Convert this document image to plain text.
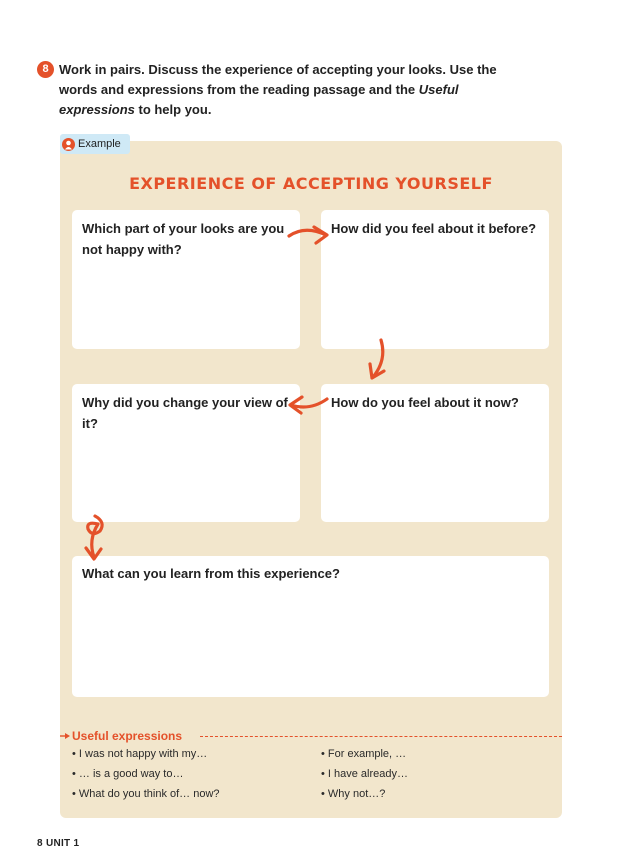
8 Work in pairs. Discuss the experience of accepting your looks. Use the words and expressions from the reading passage and the Useful expressions to help you.
Example
EXPERIENCE OF ACCEPTING YOURSELF
Which part of your looks are you not happy with?
How did you feel about it before?
Why did you change your view of it?
How do you feel about it now?
What can you learn from this experience?
Useful expressions
• I was not happy with my…
• … is a good way to…
• What do you think of… now?
• For example, …
• I have already…
• Why not…?
8 UNIT 1
